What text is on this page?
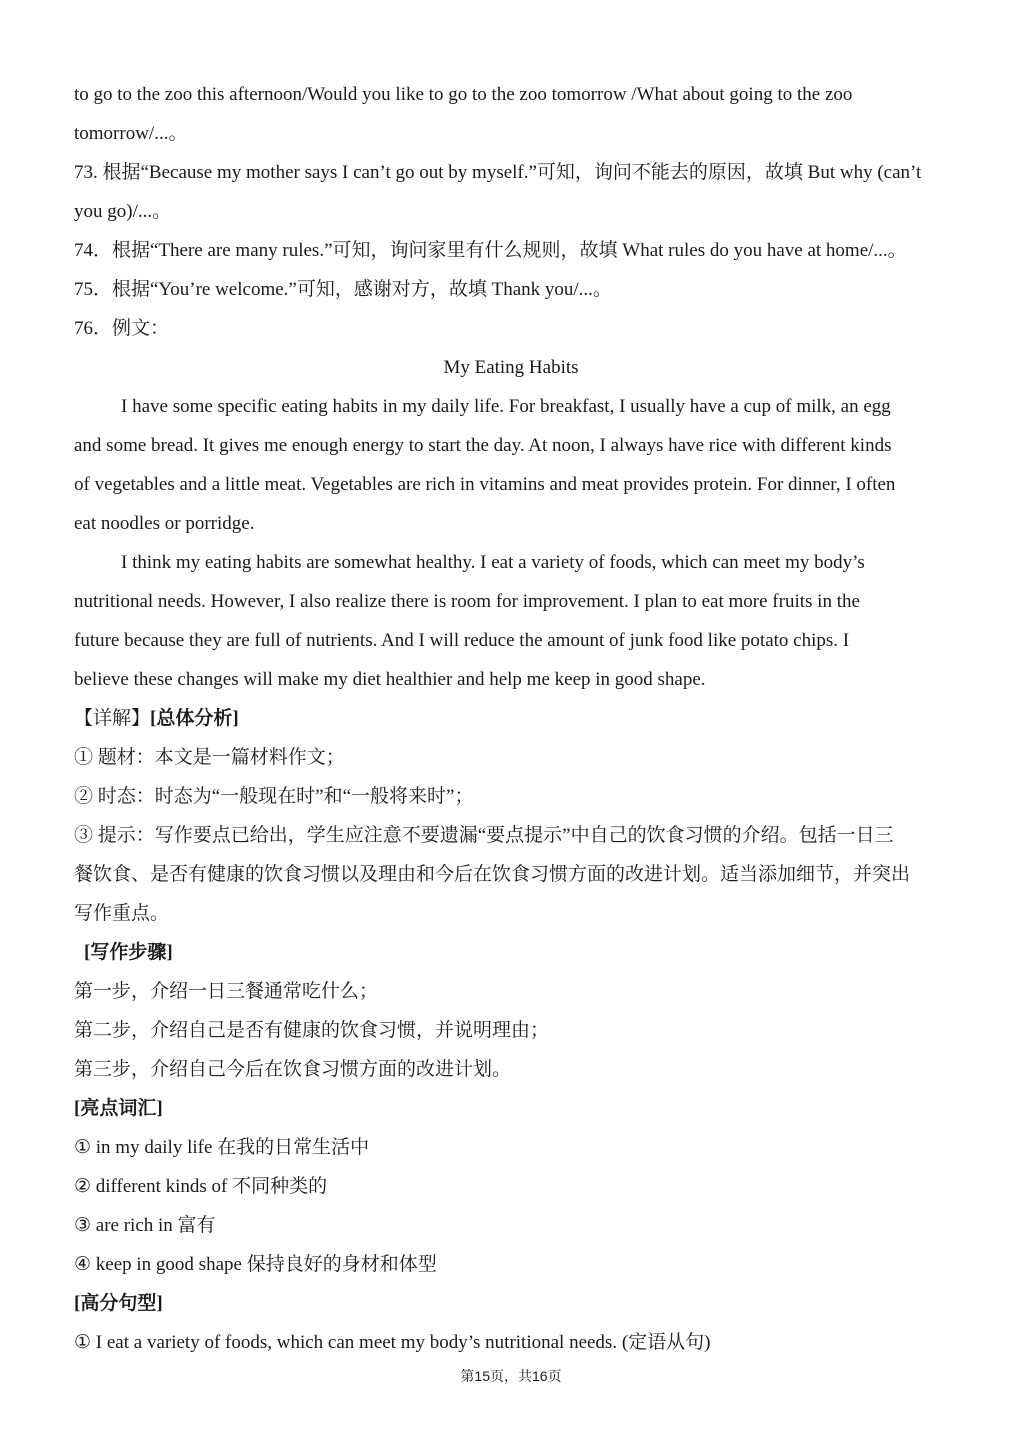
to go to the zoo this afternoon/Would you like to go to the zoo tomorrow /What about going to the zoo
tomorrow/...。
73. 根据“Because my mother says I can’t go out by myself.”可知，询问不能去的原因，故填 But why (can’t
you go)/...。
74．根据“There are many rules.”可知，询问家里有什么规则，故填 What rules do you have at home/...。
75．根据“You’re welcome.”可知，感谢对方，故填 Thank you/...。
76．例文：
My Eating Habits
I have some specific eating habits in my daily life. For breakfast, I usually have a cup of milk, an egg
and some bread. It gives me enough energy to start the day. At noon, I always have rice with different kinds
of vegetables and a little meat. Vegetables are rich in vitamins and meat provides protein. For dinner, I often
eat noodles or porridge.
I think my eating habits are somewhat healthy. I eat a variety of foods, which can meet my body’s
nutritional needs. However, I also realize there is room for improvement. I plan to eat more fruits in the
future because they are full of nutrients. And I will reduce the amount of junk food like potato chips. I
believe these changes will make my diet healthier and help me keep in good shape.
【详解】[总体分析]
① 题材：本文是一篇材料作文；
② 时态：时态为“一般现在时”和“一般将来时”；
③ 提示：写作要点已给出，学生应注意不要遗漏“要点提示”中自己的饮食习惯的介绍。包括一日三
餐饮食、是否有健康的饮食习惯以及理由和今后在饮食习惯方面的改进计划。适当添加细节，并突出
写作重点。
[写作步骤]
第一步，介绍一日三餐通常吃什么；
第二步，介绍自己是否有健康的饮食习惯，并说明理由；
第三步，介绍自己今后在饮食习惯方面的改进计划。
[亮点词汇]
① in my daily life 在我的日常生活中
② different kinds of 不同种类的
③ are rich in 富有
④ keep in good shape 保持良好的身材和体型
[高分句型]
① I eat a variety of foods, which can meet my body’s nutritional needs. (定语从句)
第15页，共16页
